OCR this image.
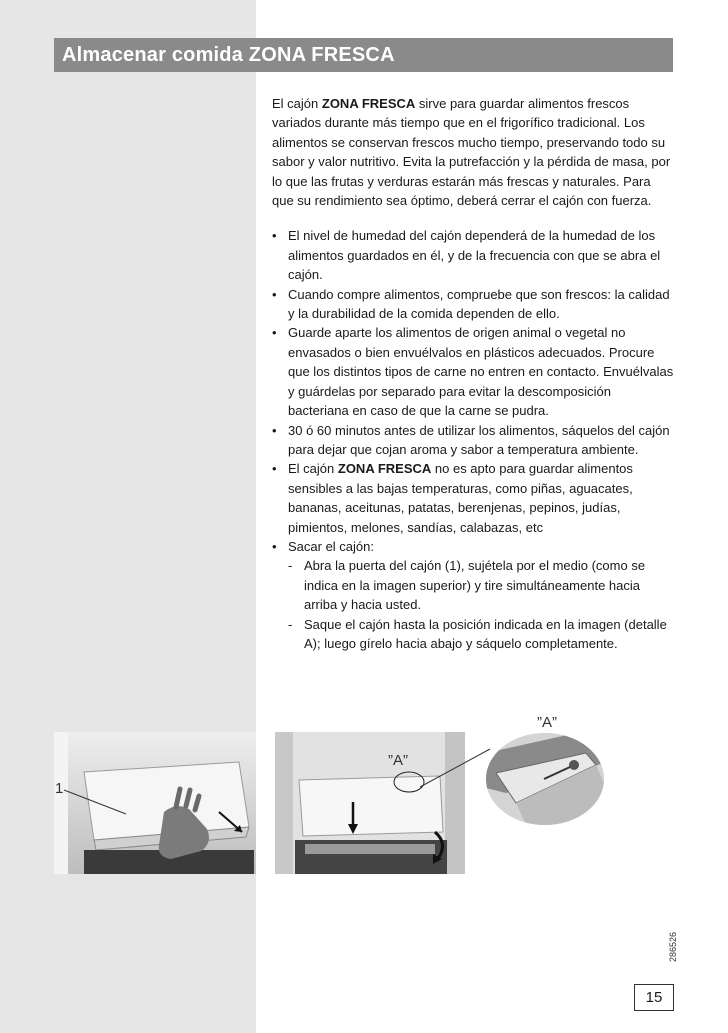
Almacenar comida ZONA FRESCA

El cajón ZONA FRESCA sirve para guardar alimentos frescos variados durante más tiempo que en el frigorífico tradicional. Los alimentos se conservan frescos mucho tiempo, preservando todo su sabor y valor nutritivo. Evita la putrefacción y la pérdida de masa, por lo que las frutas y verduras estarán más frescas y naturales. Para que su rendimiento sea óptimo, deberá cerrar el cajón con fuerza.

• El nivel de humedad del cajón dependerá de la humedad de los alimentos guardados en él, y de la frecuencia con que se abra el cajón.
• Cuando compre alimentos, compruebe que son frescos: la calidad y la durabilidad de la comida dependen de ello.
• Guarde aparte los alimentos de origen animal o vegetal no envasados o bien envuélvalos en plásticos adecuados. Procure que los distintos tipos de carne no entren en contacto. Envuélvalas y guárdelas por separado para evitar la descomposición bacteriana en caso de que la carne se pudra.
• 30 ó 60 minutos antes de utilizar los alimentos, sáquelos del cajón para dejar que cojan aroma y sabor a temperatura ambiente.
• El cajón ZONA FRESCA no es apto para guardar alimentos sensibles a las bajas temperaturas, como piñas, aguacates, bananas, aceitunas, patatas, berenjenas, pepinos, judías, pimientos, melones, sandías, calabazas, etc
• Sacar el cajón:
- Abra la puerta del cajón (1), sujétela por el medio (como se indica en la imagen superior) y tire simultáneamente hacia arriba y hacia usted.
- Saque el cajón hasta la posición indicada en la imagen (detalle A); luego gírelo hacia abajo y sáquelo completamente.
1
”A”
”A”
286526
15
